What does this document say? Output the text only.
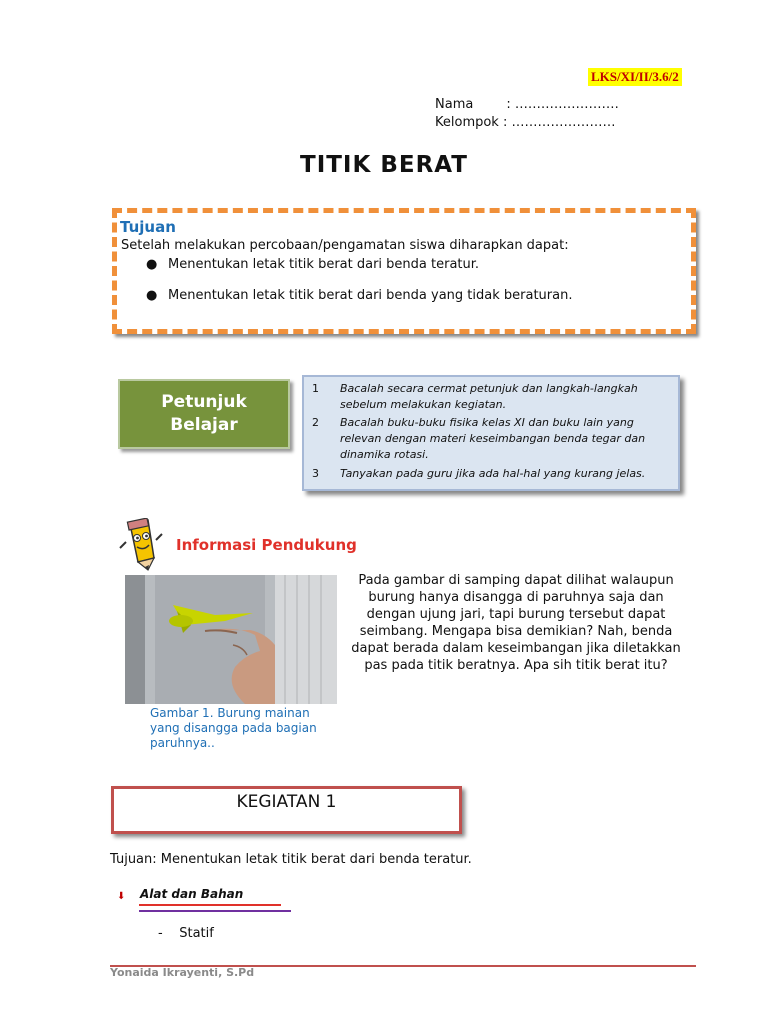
LKS/XI/II/3.6/2
Nama        : ……………………
Kelompok : ……………………
TITIK BERAT
Tujuan
Setelah melakukan percobaan/pengamatan siswa diharapkan dapat:
● Menentukan letak titik berat dari benda teratur.
● Menentukan letak titik berat dari benda yang tidak beraturan.
Petunjuk
Belajar
1 Bacalah secara cermat petunjuk dan langkah-langkah sebelum melakukan kegiatan.
2 Bacalah buku-buku fisika kelas XI dan buku lain yang relevan dengan materi keseimbangan benda tegar dan dinamika rotasi.
3 Tanyakan pada guru jika ada hal-hal yang kurang jelas.
Informasi Pendukung
Gambar 1. Burung mainan yang disangga pada bagian paruhnya..
Pada gambar di samping dapat dilihat walaupun burung hanya disangga di paruhnya saja dan dengan ujung jari, tapi burung tersebut dapat seimbang. Mengapa bisa demikian? Nah, benda dapat berada dalam keseimbangan jika diletakkan pas pada titik beratnya. Apa sih titik berat itu?
KEGIATAN 1
Tujuan: Menentukan letak titik berat dari benda teratur.
⬇ Alat dan Bahan
-    Statif
Yonaida Ikrayenti, S.Pd
